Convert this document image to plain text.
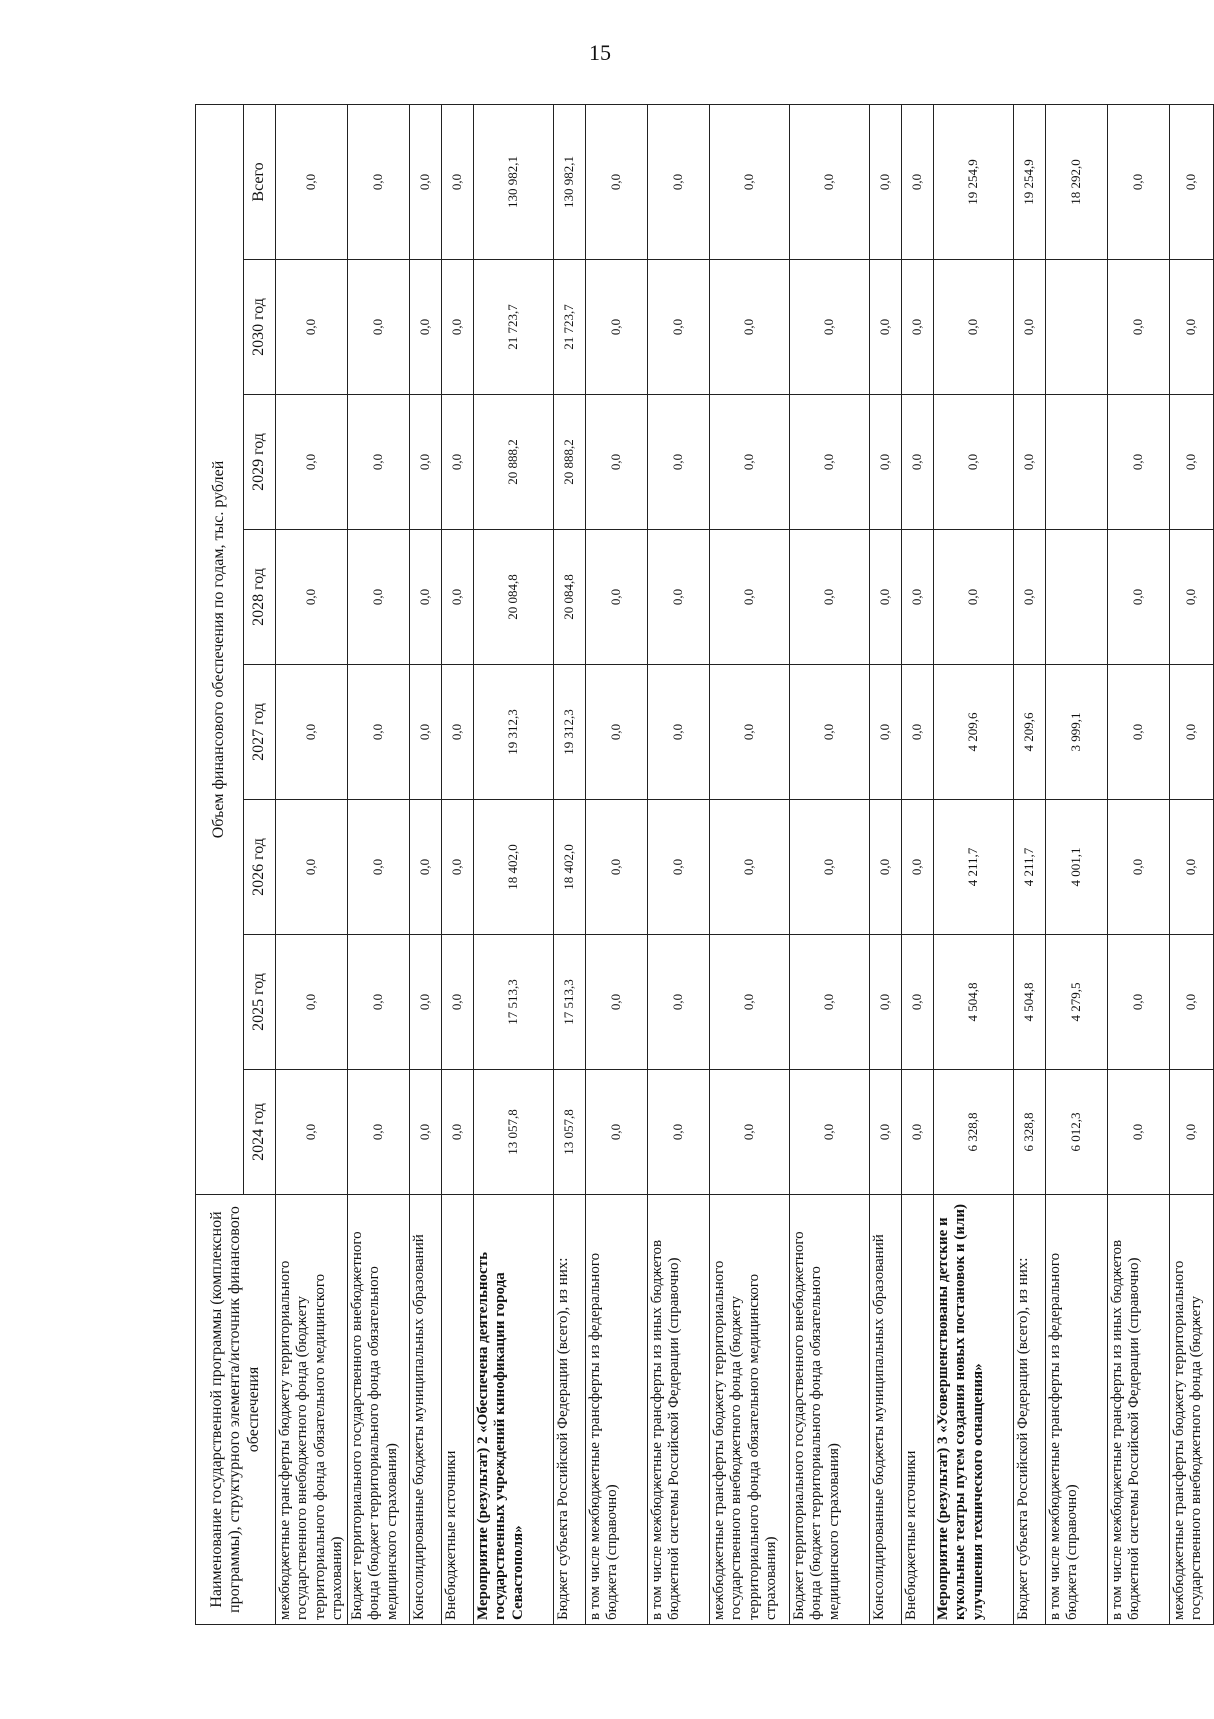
15
Наименование государственной программы (комплексной программы), структурного элемента/источник финансового обеспечения	Объем финансового обеспечения по годам, тыс. рублей							
	2024 год	2025 год	2026 год	2027 год	2028 год	2029 год	2030 год	Всего
межбюджетные трансферты бюджету территориального государственного внебюджетного фонда (бюджету территориального фонда обязательного медицинского страхования)	0,0	0,0	0,0	0,0	0,0	0,0	0,0	0,0
Бюджет территориального государственного внебюджетного фонда (бюджет территориального фонда обязательного медицинского страхования)	0,0	0,0	0,0	0,0	0,0	0,0	0,0	0,0
Консолидированные бюджеты муниципальных образований	0,0	0,0	0,0	0,0	0,0	0,0	0,0	0,0
Внебюджетные источники	0,0	0,0	0,0	0,0	0,0	0,0	0,0	0,0
Мероприятие (результат) 2 «Обеспечена деятельность государственных учреждений кинофикации города Севастополя»	13 057,8	17 513,3	18 402,0	19 312,3	20 084,8	20 888,2	21 723,7	130 982,1
Бюджет субъекта Российской Федерации (всего), из них:	13 057,8	17 513,3	18 402,0	19 312,3	20 084,8	20 888,2	21 723,7	130 982,1
в том числе межбюджетные трансферты из федерального бюджета (справочно)	0,0	0,0	0,0	0,0	0,0	0,0	0,0	0,0
в том числе межбюджетные трансферты из иных бюджетов бюджетной системы Российской Федерации (справочно)	0,0	0,0	0,0	0,0	0,0	0,0	0,0	0,0
межбюджетные трансферты бюджету территориального государственного внебюджетного фонда (бюджету территориального фонда обязательного медицинского страхования)	0,0	0,0	0,0	0,0	0,0	0,0	0,0	0,0
Бюджет территориального государственного внебюджетного фонда (бюджет территориального фонда обязательного медицинского страхования)	0,0	0,0	0,0	0,0	0,0	0,0	0,0	0,0
Консолидированные бюджеты муниципальных образований	0,0	0,0	0,0	0,0	0,0	0,0	0,0	0,0
Внебюджетные источники	0,0	0,0	0,0	0,0	0,0	0,0	0,0	0,0
Мероприятие (результат) 3 «Усовершенствованы детские и кукольные театры путем создания новых постановок и (или) улучшения технического оснащения»	6 328,8	4 504,8	4 211,7	4 209,6	0,0	0,0	0,0	19 254,9
Бюджет субъекта Российской Федерации (всего), из них:	6 328,8	4 504,8	4 211,7	4 209,6	0,0	0,0	0,0	19 254,9
в том числе межбюджетные трансферты из федерального бюджета (справочно)	6 012,3	4 279,5	4 001,1	3 999,1				18 292,0
в том числе межбюджетные трансферты из иных бюджетов бюджетной системы Российской Федерации (справочно)	0,0	0,0	0,0	0,0	0,0	0,0	0,0	0,0
межбюджетные трансферты бюджету территориального государственного внебюджетного фонда (бюджету	0,0	0,0	0,0	0,0	0,0	0,0	0,0	0,0
